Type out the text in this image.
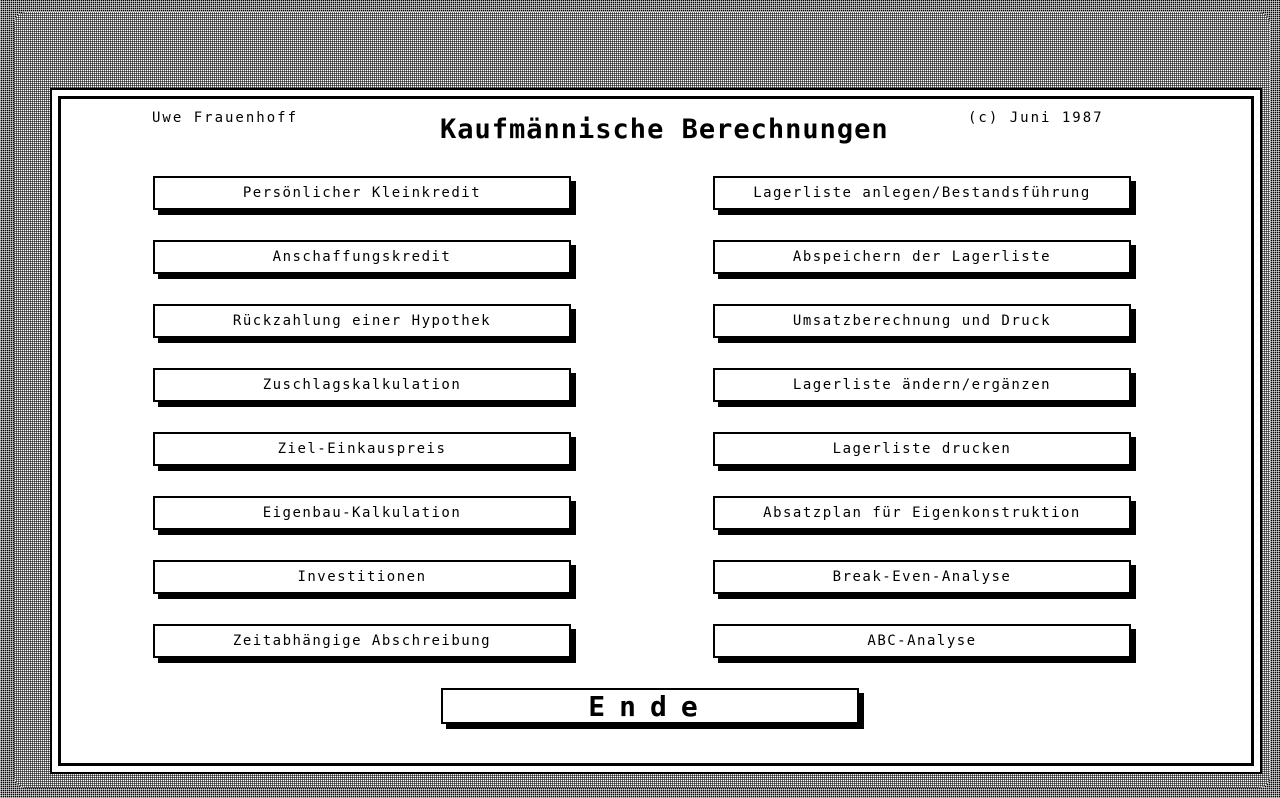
Uwe Frauenhoff	Kaufmännische Berechnungen	(c) Juni 1987
Persönlicher Kleinkredit
Anschaffungskredit
Rückzahlung einer Hypothek
Zuschlagskalkulation
Ziel-Einkauspreis
Eigenbau-Kalkulation
Investitionen
Zeitabhängige Abschreibung
Lagerliste anlegen/Bestandsführung
Abspeichern der Lagerliste
Umsatzberechnung und Druck
Lagerliste ändern/ergänzen
Lagerliste drucken
Absatzplan für Eigenkonstruktion
Break-Even-Analyse
ABC-Analyse
Ende
